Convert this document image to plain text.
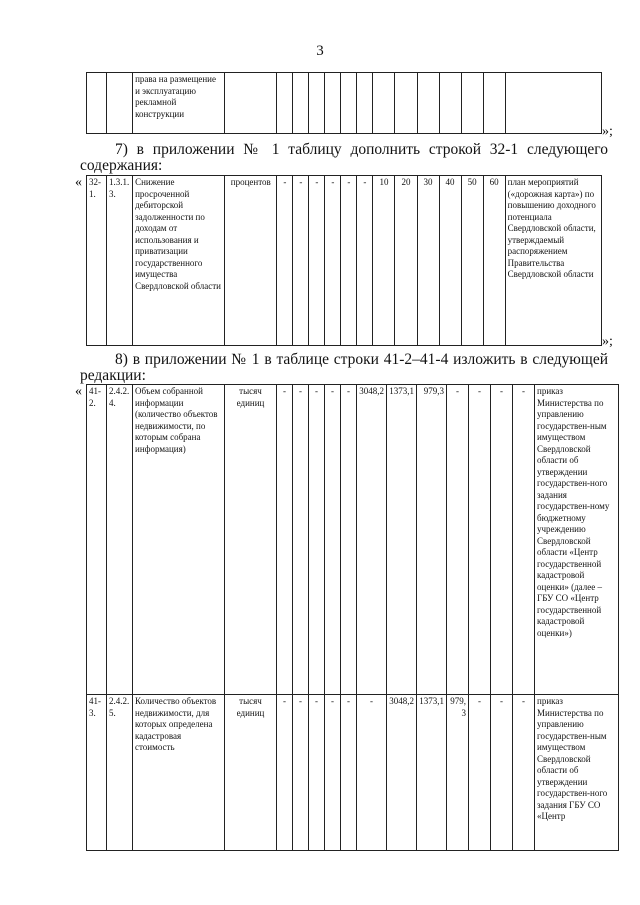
3
		права на размещение и эксплуатацию рекламной конструкции														
»;
7) в приложении № 1 таблицу дополнить строкой 32-1 следующего
содержания:
« 32-1.	1.3.1.3.	Снижение просроченной дебиторской задолженности по доходам от использования и приватизации государственного имущества Свердловской области	процентов	-	-	-	-	-	-	10	20	30	40	50	60	план мероприятий («дорожная карта») по повышению доходного потенциала Свердловской области, утверждаемый распоряжением Правительства Свердловской области
»;
8) в приложении № 1 в таблице строки 41-2–41-4 изложить в следующей
редакции:
« 41-2.	2.4.2.4.	Объем собранной информации (количество объектов недвижимости, по которым собрана информация)	тысяч единиц	-	-	-	-	-	3048,2	1373,1	979,3	-	-	-	-	приказ Министерства по управлению государствен-ным имуществом Свердловской области об утверждении государствен-ного задания государствен-ному бюджетному учреждению Свердловской области «Центр государственной кадастровой оценки» (далее – ГБУ СО «Центр государственной кадастровой оценки»)
41-3.	2.4.2.5.	Количество объектов недвижимости, для которых определена кадастровая стоимость	тысяч единиц	-	-	-	-	-	-	3048,2	1373,1	979,3	-	-	-	приказ Министерства по управлению государствен-ным имуществом Свердловской области об утверждении государствен-ного задания ГБУ СО «Центр
